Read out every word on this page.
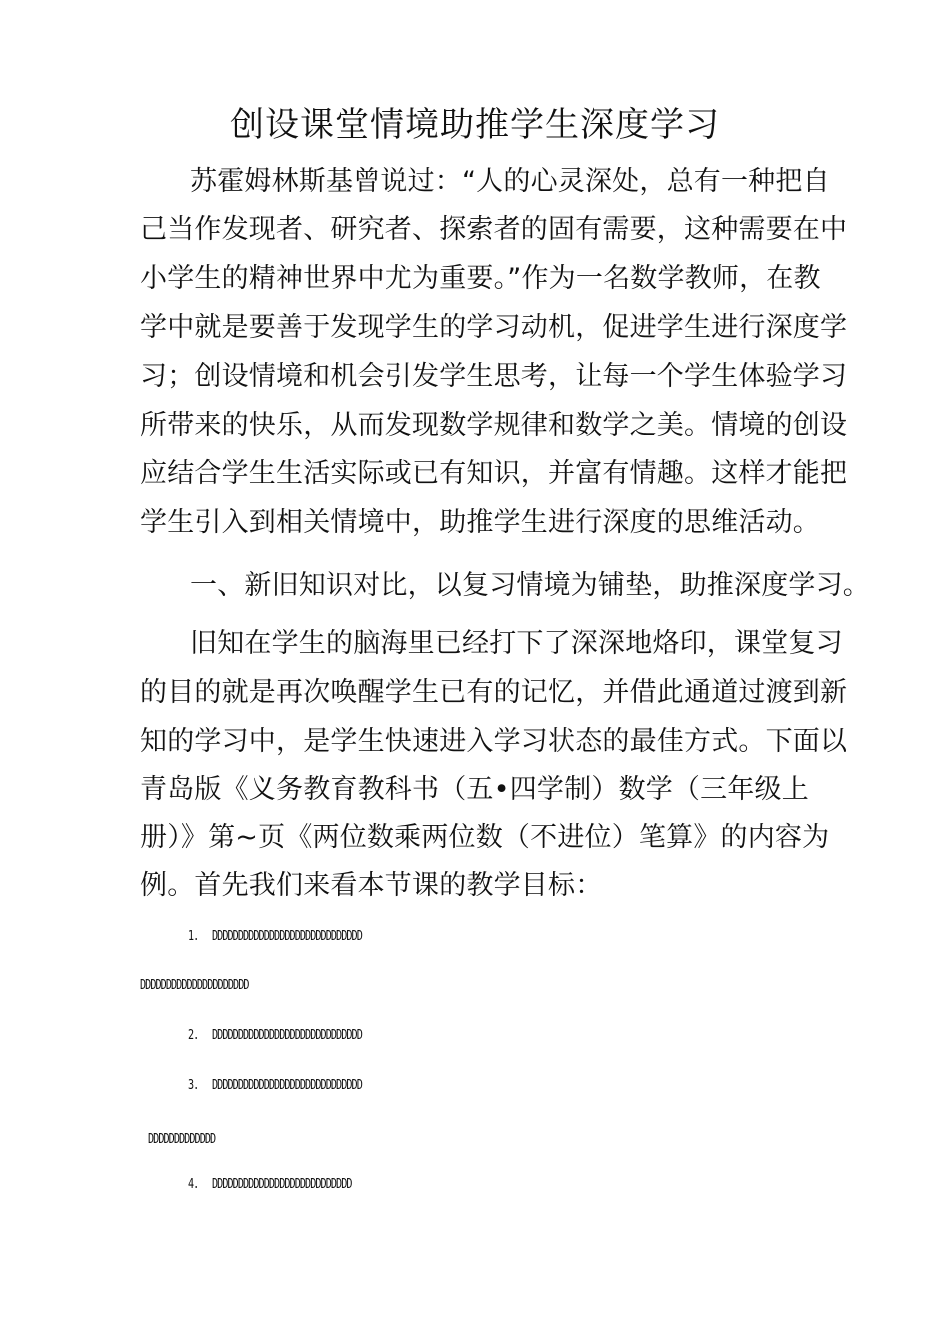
创设课堂情境助推学生深度学习
苏霍姆林斯基曾说过：“人的心灵深处，总有一种把自
己当作发现者、研究者、探索者的固有需要，这种需要在中
小学生的精神世界中尤为重要。”作为一名数学教师，在教
学中就是要善于发现学生的学习动机，促进学生进行深度学
习；创设情境和机会引发学生思考，让每一个学生体验学习
所带来的快乐，从而发现数学规律和数学之美。情境的创设
应结合学生生活实际或已有知识，并富有情趣。这样才能把
学生引入到相关情境中，助推学生进行深度的思维活动。
一、新旧知识对比，以复习情境为铺垫，助推深度学习。
旧知在学生的脑海里已经打下了深深地烙印，课堂复习
的目的就是再次唤醒学生已有的记忆，并借此通道过渡到新
知的学习中，是学生快速进入学习状态的最佳方式。下面以
青岛版《义务教育教科书（五•四学制）数学（三年级上
册）》第~页《两位数乘两位数（不进位）笔算》的内容为
例。首先我们来看本节课的教学目标：
1. DDDDDDDDDDDDDDDDDDDDDDDDDDDDD
DDDDDDDDDDDDDDDDDDDDD
2. DDDDDDDDDDDDDDDDDDDDDDDDDDDDD
3. DDDDDDDDDDDDDDDDDDDDDDDDDDDDD
DDDDDDDDDDDDD
4. DDDDDDDDDDDDDDDDDDDDDDDDDDD
